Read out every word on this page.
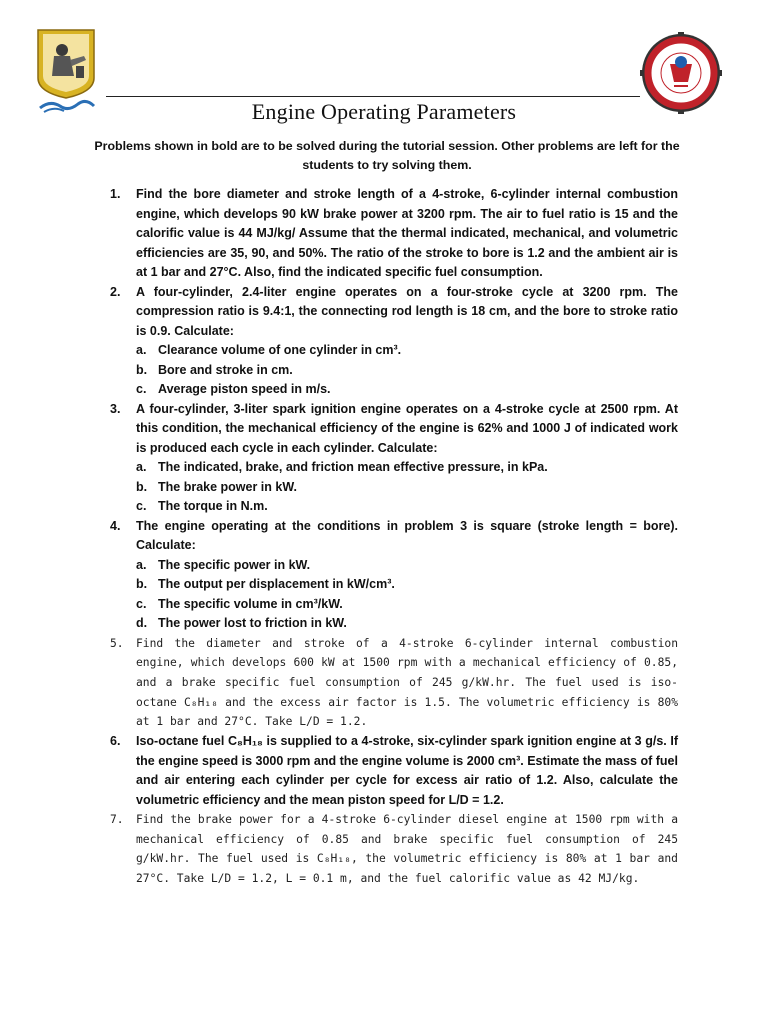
Engine Operating Parameters
Problems shown in bold are to be solved during the tutorial session. Other problems are left for the students to try solving them.
1. Find the bore diameter and stroke length of a 4-stroke, 6-cylinder internal combustion engine, which develops 90 kW brake power at 3200 rpm. The air to fuel ratio is 15 and the calorific value is 44 MJ/kg/ Assume that the thermal indicated, mechanical, and volumetric efficiencies are 35, 90, and 50%. The ratio of the stroke to bore is 1.2 and the ambient air is at 1 bar and 27°C. Also, find the indicated specific fuel consumption.
2. A four-cylinder, 2.4-liter engine operates on a four-stroke cycle at 3200 rpm. The compression ratio is 9.4:1, the connecting rod length is 18 cm, and the bore to stroke ratio is 0.9. Calculate:
a. Clearance volume of one cylinder in cm³.
b. Bore and stroke in cm.
c. Average piston speed in m/s.
3. A four-cylinder, 3-liter spark ignition engine operates on a 4-stroke cycle at 2500 rpm. At this condition, the mechanical efficiency of the engine is 62% and 1000 J of indicated work is produced each cycle in each cylinder. Calculate:
a. The indicated, brake, and friction mean effective pressure, in kPa.
b. The brake power in kW.
c. The torque in N.m.
4. The engine operating at the conditions in problem 3 is square (stroke length = bore). Calculate:
a. The specific power in kW.
b. The output per displacement in kW/cm³.
c. The specific volume in cm³/kW.
d. The power lost to friction in kW.
5. Find the diameter and stroke of a 4-stroke 6-cylinder internal combustion engine, which develops 600 kW at 1500 rpm with a mechanical efficiency of 0.85, and a brake specific fuel consumption of 245 g/kW.hr. The fuel used is iso-octane C₈H₁₈ and the excess air factor is 1.5. The volumetric efficiency is 80% at 1 bar and 27°C. Take L/D = 1.2.
6. Iso-octane fuel C₈H₁₈ is supplied to a 4-stroke, six-cylinder spark ignition engine at 3 g/s. If the engine speed is 3000 rpm and the engine volume is 2000 cm³. Estimate the mass of fuel and air entering each cylinder per cycle for excess air ratio of 1.2. Also, calculate the volumetric efficiency and the mean piston speed for L/D = 1.2.
7. Find the brake power for a 4-stroke 6-cylinder diesel engine at 1500 rpm with a mechanical efficiency of 0.85 and brake specific fuel consumption of 245 g/kW.hr. The fuel used is C₈H₁₈, the volumetric efficiency is 80% at 1 bar and 27°C. Take L/D = 1.2, L = 0.1 m, and the fuel calorific value as 42 MJ/kg.
